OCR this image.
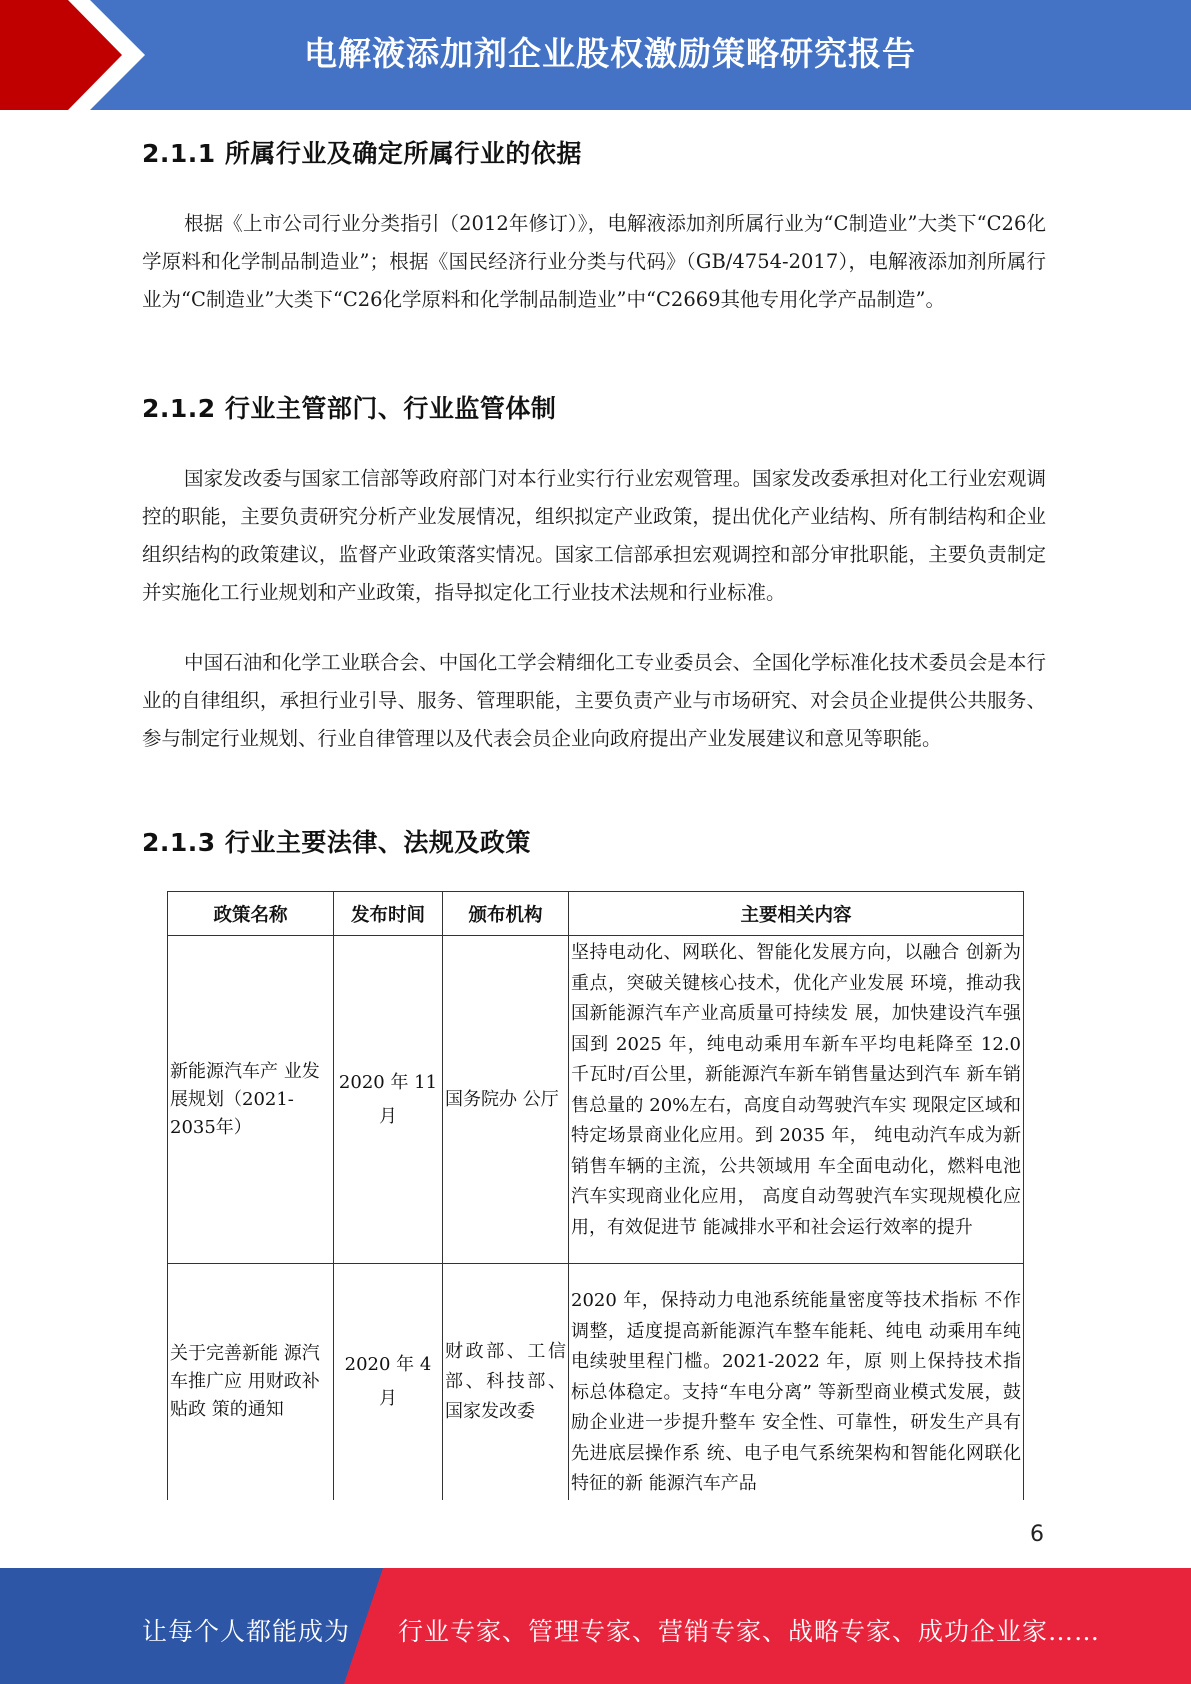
电解液添加剂企业股权激励策略研究报告
2.1.1 所属行业及确定所属行业的依据
根据《上市公司行业分类指引（2012年修订）》，电解液添加剂所属行业为“C制造业”大类下“C26化学原料和化学制品制造业”；根据《国民经济行业分类与代码》（GB/4754-2017），电解液添加剂所属行业为“C制造业”大类下“C26化学原料和化学制品制造业”中“C2669其他专用化学产品制造”。
2.1.2 行业主管部门、行业监管体制
国家发改委与国家工信部等政府部门对本行业实行行业宏观管理。国家发改委承担对化工行业宏观调控的职能，主要负责研究分析产业发展情况，组织拟定产业政策，提出优化产业结构、所有制结构和企业组织结构的政策建议，监督产业政策落实情况。国家工信部承担宏观调控和部分审批职能，主要负责制定并实施化工行业规划和产业政策，指导拟定化工行业技术法规和行业标准。
中国石油和化学工业联合会、中国化工学会精细化工专业委员会、全国化学标准化技术委员会是本行业的自律组织，承担行业引导、服务、管理职能，主要负责产业与市场研究、对会员企业提供公共服务、参与制定行业规划、行业自律管理以及代表会员企业向政府提出产业发展建议和意见等职能。
2.1.3 行业主要法律、法规及政策
政策名称	发布时间	颁布机构	主要相关内容
新能源汽车产 业发展规划（2021-2035年）	2020 年 11 月	国务院办 公厅	坚持电动化、网联化、智能化发展方向，以融合 创新为重点，突破关键核心技术，优化产业发展 环境，推动我国新能源汽车产业高质量可持续发 展，加快建设汽车强国到 2025 年，纯电动乘用车新车平均电耗降至 12.0 千瓦时/百公里，新能源汽车新车销售量达到汽车 新车销售总量的 20%左右，高度自动驾驶汽车实 现限定区域和特定场景商业化应用。到 2035 年， 纯电动汽车成为新销售车辆的主流，公共领域用 车全面电动化，燃料电池汽车实现商业化应用， 高度自动驾驶汽车实现规模化应用，有效促进节 能减排水平和社会运行效率的提升
关于完善新能 源汽车推广应 用财政补贴政 策的通知	2020 年 4 月	财政部、工信部、科技部、国家发改委	2020 年，保持动力电池系统能量密度等技术指标 不作调整，适度提高新能源汽车整车能耗、纯电 动乘用车纯电续驶里程门槛。2021-2022 年，原 则上保持技术指标总体稳定。支持“车电分离” 等新型商业模式发展，鼓励企业进一步提升整车 安全性、可靠性，研发生产具有先进底层操作系 统、电子电气系统架构和智能化网联化特征的新 能源汽车产品
6
让每个人都能成为 行业专家、管理专家、营销专家、战略专家、成功企业家……
